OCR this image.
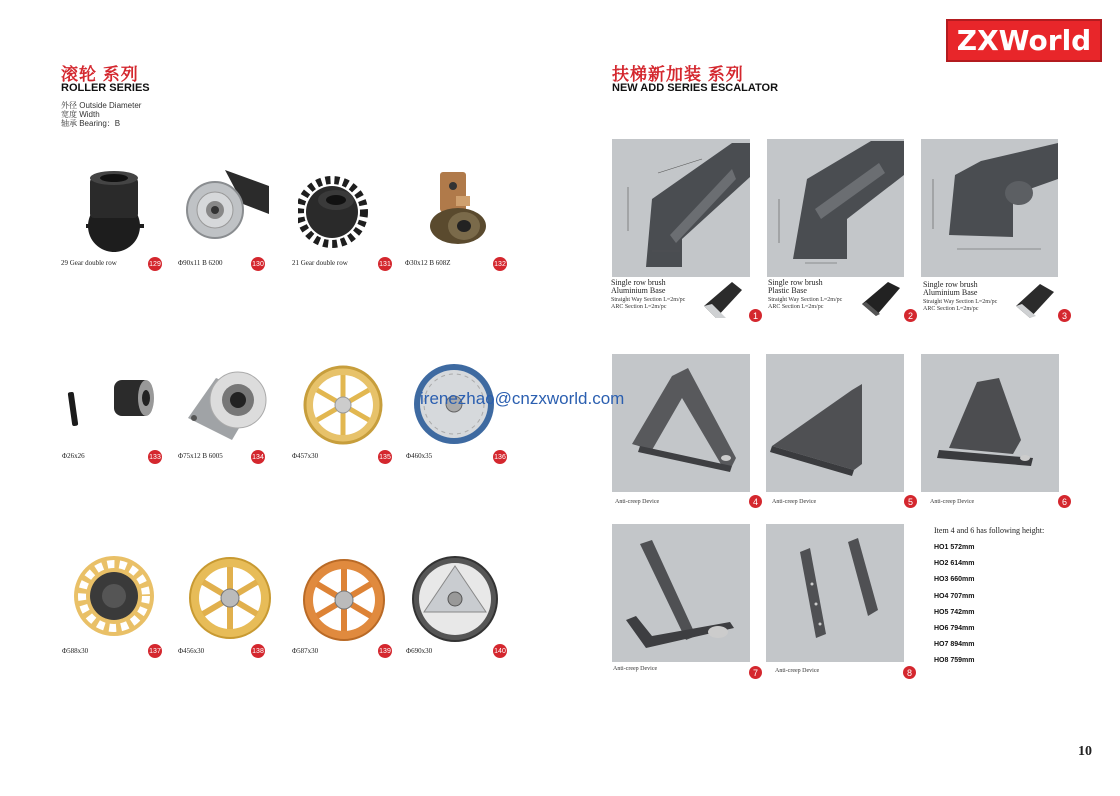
ZXWorld
滚轮 系列
ROLLER SERIES
外径 Outside Diameter
宽度 Width
轴承 Bearing：B
扶梯新加装 系列
NEW ADD SERIES ESCALATOR
29 Gear double row	129 Φ90x11 B 6200	130	21 Gear double row	131 Φ30x12 B 608Z	132
Φ26x26	133 Φ75x12 B 6005	134	Φ457x30	135 Φ460x35	136
Φ588x30	137 Φ456x30	138	Φ587x30	139 Φ690x30	140
Single row brush
Aluminium Base
Straight Way Section L=2m/pc
ARC Section L=2m/pc
1
Single row brush
Plastic Base
Straight Way Section L=2m/pc
ARC Section L=2m/pc
2
Single row brush
Aluminium Base
Straight Way Section L=2m/pc
ARC Section L=2m/pc
3
Anti-creep Device	4	Anti-creep Device	5	Anti-creep Device	6
Anti-creep Device	7	Anti-creep Device	8
Item 4 and 6 has following height:
HO1 572mm
HO2 614mm
HO3 660mm
HO4 707mm
HO5 742mm
HO6 794mm
HO7 894mm
HO8 759mm
irenezhao@cnzxworld.com
10
